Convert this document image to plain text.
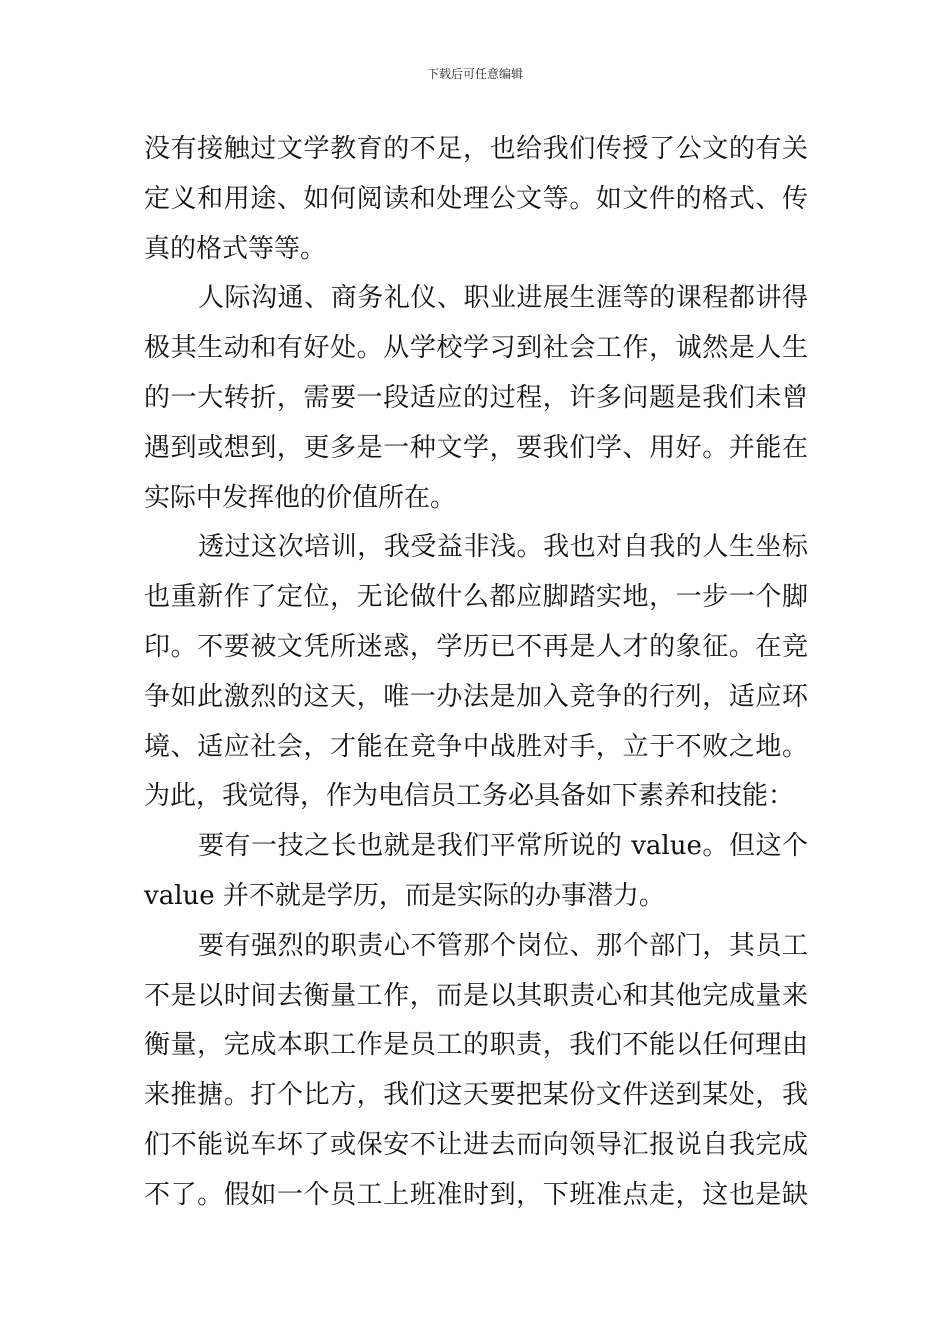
下载后可任意编辑
没有接触过文学教育的不足，也给我们传授了公文的有关
定义和用途、如何阅读和处理公文等。如文件的格式、传
真的格式等等。
人际沟通、商务礼仪、职业进展生涯等的课程都讲得
极其生动和有好处。从学校学习到社会工作，诚然是人生
的一大转折，需要一段适应的过程，许多问题是我们未曾
遇到或想到，更多是一种文学，要我们学、用好。并能在
实际中发挥他的价值所在。
透过这次培训，我受益非浅。我也对自我的人生坐标
也重新作了定位，无论做什么都应脚踏实地，一步一个脚
印。不要被文凭所迷惑，学历已不再是人才的象征。在竞
争如此激烈的这天，唯一办法是加入竞争的行列，适应环
境、适应社会，才能在竞争中战胜对手，立于不败之地。
为此，我觉得，作为电信员工务必具备如下素养和技能：
要有一技之长也就是我们平常所说的 value。但这个
value 并不就是学历，而是实际的办事潜力。
要有强烈的职责心不管那个岗位、那个部门，其员工
不是以时间去衡量工作，而是以其职责心和其他完成量来
衡量，完成本职工作是员工的职责，我们不能以任何理由
来推搪。打个比方，我们这天要把某份文件送到某处，我
们不能说车坏了或保安不让进去而向领导汇报说自我完成
不了。假如一个员工上班准时到，下班准点走，这也是缺
